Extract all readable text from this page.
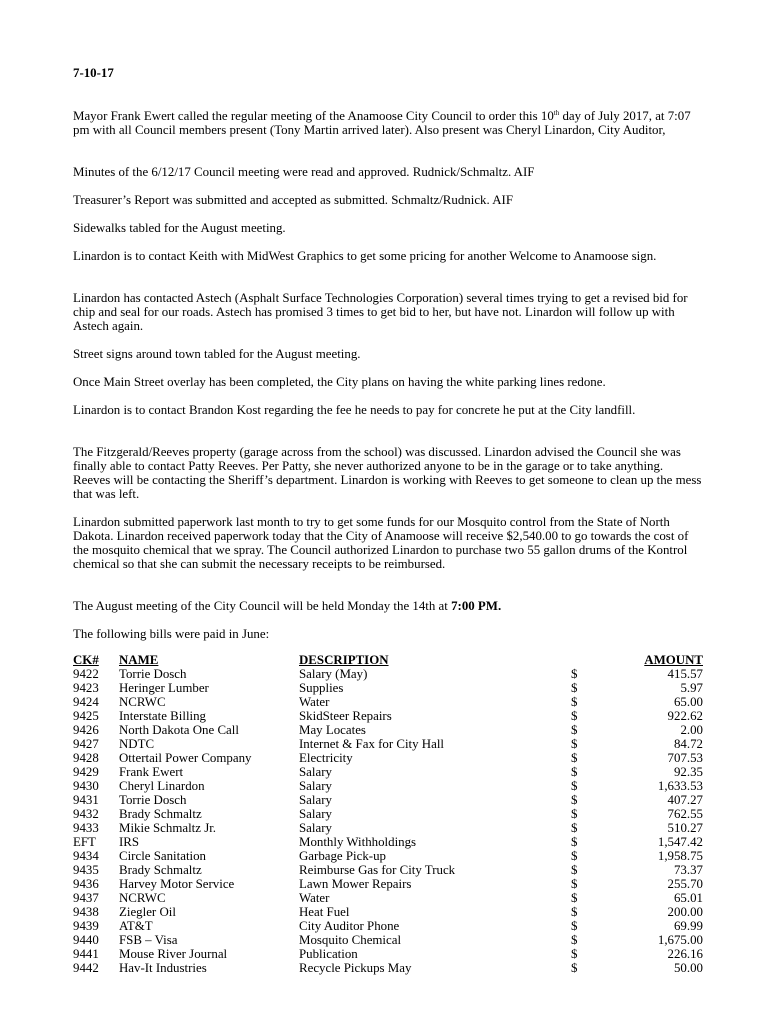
7-10-17

Mayor Frank Ewert called the regular meeting of the Anamoose City Council to order this 10th day of July 2017, at 7:07 pm with all Council members present (Tony Martin arrived later). Also present was Cheryl Linardon, City Auditor,

Minutes of the 6/12/17 Council meeting were read and approved. Rudnick/Schmaltz. AIF

Treasurer’s Report was submitted and accepted as submitted. Schmaltz/Rudnick. AIF

Sidewalks tabled for the August meeting.

Linardon is to contact Keith with MidWest Graphics to get some pricing for another Welcome to Anamoose sign.

Linardon has contacted Astech (Asphalt Surface Technologies Corporation) several times trying to get a revised bid for chip and seal for our roads. Astech has promised 3 times to get bid to her, but have not. Linardon will follow up with Astech again.

Street signs around town tabled for the August meeting.

Once Main Street overlay has been completed, the City plans on having the white parking lines redone.

Linardon is to contact Brandon Kost regarding the fee he needs to pay for concrete he put at the City landfill.

The Fitzgerald/Reeves property (garage across from the school) was discussed. Linardon advised the Council she was finally able to contact Patty Reeves. Per Patty, she never authorized anyone to be in the garage or to take anything. Reeves will be contacting the Sheriff’s department. Linardon is working with Reeves to get someone to clean up the mess that was left.

Linardon submitted paperwork last month to try to get some funds for our Mosquito control from the State of North Dakota. Linardon received paperwork today that the City of Anamoose will receive $2,540.00 to go towards the cost of the mosquito chemical that we spray. The Council authorized Linardon to purchase two 55 gallon drums of the Kontrol chemical so that she can submit the necessary receipts to be reimbursed.

The August meeting of the City Council will be held Monday the 14th at 7:00 PM.

The following bills were paid in June:

CK# NAME	DESCRIPTION	AMOUNT
9422 Torrie Dosch	Salary (May)	$	415.57
9423 Heringer Lumber	Supplies	$	5.97
9424 NCRWC	Water	$	65.00
9425 Interstate Billing	SkidSteer Repairs	$	922.62
9426 North Dakota One Call	May Locates	$	2.00
9427 NDTC	Internet & Fax for City Hall	$	84.72
9428 Ottertail Power Company	Electricity	$	707.53
9429 Frank Ewert	Salary	$	92.35
9430 Cheryl Linardon	Salary	$	1,633.53
9431 Torrie Dosch	Salary	$	407.27
9432 Brady Schmaltz	Salary	$	762.55
9433 Mikie Schmaltz Jr.	Salary	$	510.27
EFT IRS	Monthly Withholdings	$	1,547.42
9434 Circle Sanitation	Garbage Pick-up	$	1,958.75
9435 Brady Schmaltz	Reimburse Gas for City Truck	$	73.37
9436 Harvey Motor Service	Lawn Mower Repairs	$	255.70
9437 NCRWC	Water	$	65.01
9438 Ziegler Oil	Heat Fuel	$	200.00
9439 AT&T	City Auditor Phone	$	69.99
9440 FSB – Visa	Mosquito Chemical	$	1,675.00
9441 Mouse River Journal	Publication	$	226.16
9442 Hav-It Industries	Recycle Pickups May	$	50.00
